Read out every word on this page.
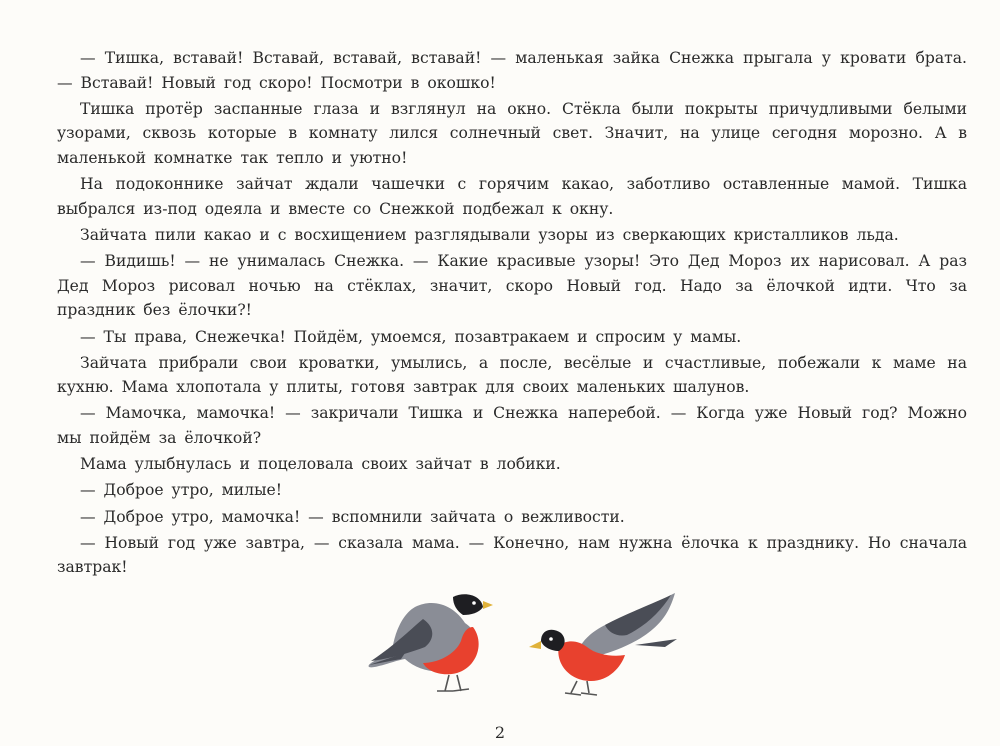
— Тишка, вставай! Вставай, вставай, вставай! — маленькая зайка Снежка прыгала у кровати брата. — Вставай! Новый год скоро! Посмотри в окошко!

Тишка протёр заспанные глаза и взглянул на окно. Стёкла были покрыты причудливыми белыми узорами, сквозь которые в комнату лился солнечный свет. Значит, на улице сегодня морозно. А в маленькой комнатке так тепло и уютно!

На подоконнике зайчат ждали чашечки с горячим какао, заботливо оставленные мамой. Тишка выбрался из-под одеяла и вместе со Снежкой подбежал к окну.

Зайчата пили какао и с восхищением разглядывали узоры из сверкающих кристалликов льда.

— Видишь! — не унималась Снежка. — Какие красивые узоры! Это Дед Мороз их нарисовал. А раз Дед Мороз рисовал ночью на стёклах, значит, скоро Новый год. Надо за ёлочкой идти. Что за праздник без ёлочки?!

— Ты права, Снежечка! Пойдём, умоемся, позавтракаем и спросим у мамы.

Зайчата прибрали свои кроватки, умылись, а после, весёлые и счастливые, побежали к маме на кухню. Мама хлопотала у плиты, готовя завтрак для своих маленьких шалунов.

— Мамочка, мамочка! — закричали Тишка и Снежка наперебой. — Когда уже Новый год? Можно мы пойдём за ёлочкой?

Мама улыбнулась и поцеловала своих зайчат в лобики.

— Доброе утро, милые!

— Доброе утро, мамочка! — вспомнили зайчата о вежливости.

— Новый год уже завтра, — сказала мама. — Конечно, нам нужна ёлочка к празднику. Но сначала завтрак!

2
